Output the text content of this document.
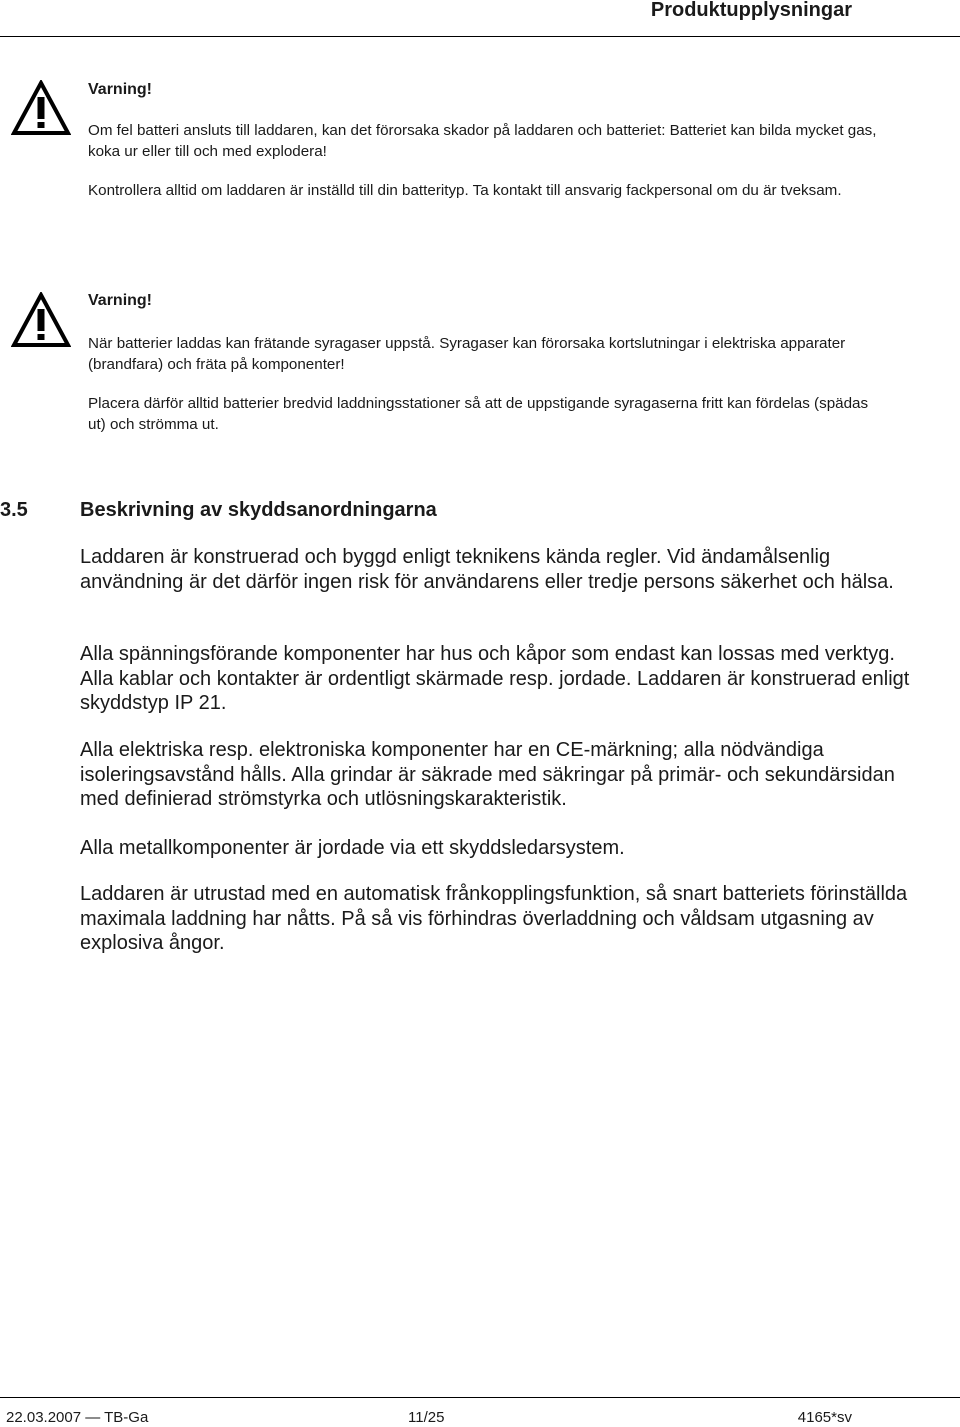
Produktupplysningar
Varning!

Om fel batteri ansluts till laddaren, kan det förorsaka skador på laddaren och batteriet: Batteriet kan bilda mycket gas, koka ur eller till och med explodera!

Kontrollera alltid om laddaren är inställd till din batterityp. Ta kontakt till ansvarig fackpersonal om du är tveksam.

Varning!

När batterier laddas kan frätande syragaser uppstå. Syragaser kan förorsaka kortslutningar i elektriska apparater (brandfara) och fräta på komponenter!

Placera därför alltid batterier bredvid laddningsstationer så att de uppstigande syragaserna fritt kan fördelas (spädas ut) och strömma ut.

3.5	Beskrivning av skyddsanordningarna

Laddaren är konstruerad och byggd enligt teknikens kända regler. Vid ändamålsenlig användning är det därför ingen risk för användarens eller tredje persons säkerhet och hälsa.

Alla spänningsförande komponenter har hus och kåpor som endast kan lossas med verktyg. Alla kablar och kontakter är ordentligt skärmade resp. jordade. Laddaren är konstruerad enligt skyddstyp IP 21.

Alla elektriska resp. elektroniska komponenter har en CE-märkning; alla nödvändiga isoleringsavstånd hålls. Alla grindar är säkrade med säkringar på primär- och sekundärsidan med definierad strömstyrka och utlösningskarakteristik.

Alla metallkomponenter är jordade via ett skyddsledarsystem.

Laddaren är utrustad med en automatisk frånkopplingsfunktion, så snart batteriets förinställda maximala laddning har nåtts. På så vis förhindras överladdning och våldsam utgasning av explosiva ångor.

22.03.2007 — TB-Ga	11/25	4165*sv
